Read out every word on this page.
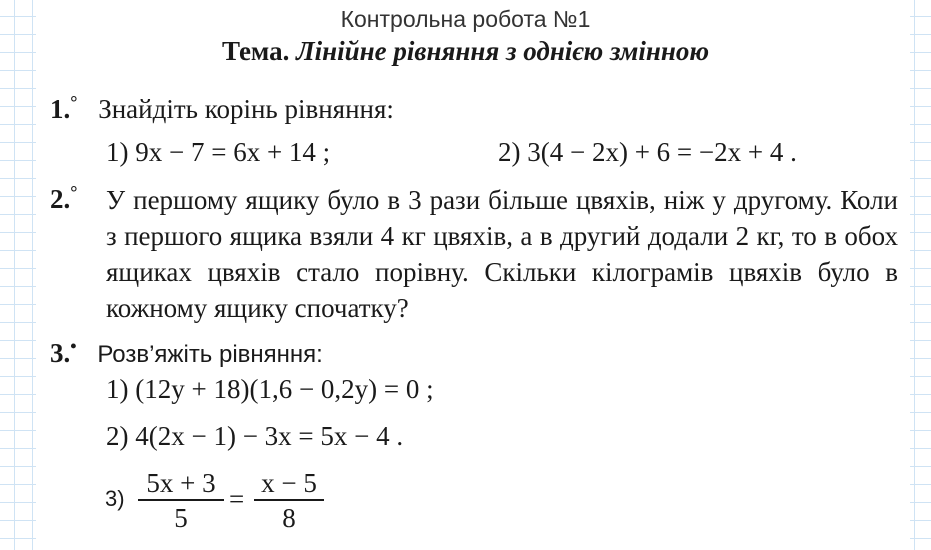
Контрольна робота №1
Тема. Лінійне рівняння з однією змінною
1.° Знайдіть корінь рівняння:
1) 9x − 7 = 6x + 14 ;	2) 3(4 − 2x) + 6 = −2x + 4 .
2.° У першому ящику було в 3 рази більше цвяхів, ніж у другому. Коли з першого ящика взяли 4 кг цвяхів, а в другий додали 2 кг, то в обох ящиках цвяхів стало порівну. Скільки кілограмів цвяхів було в кожному ящику спочатку?
3.• Розв’яжіть рівняння:
1) (12y + 18)(1,6 − 0,2y) = 0 ;
2) 4(2x − 1) − 3x = 5x − 4 .
$3) \frac{5x + 3}{5} = \frac{x - 5}{8}$
